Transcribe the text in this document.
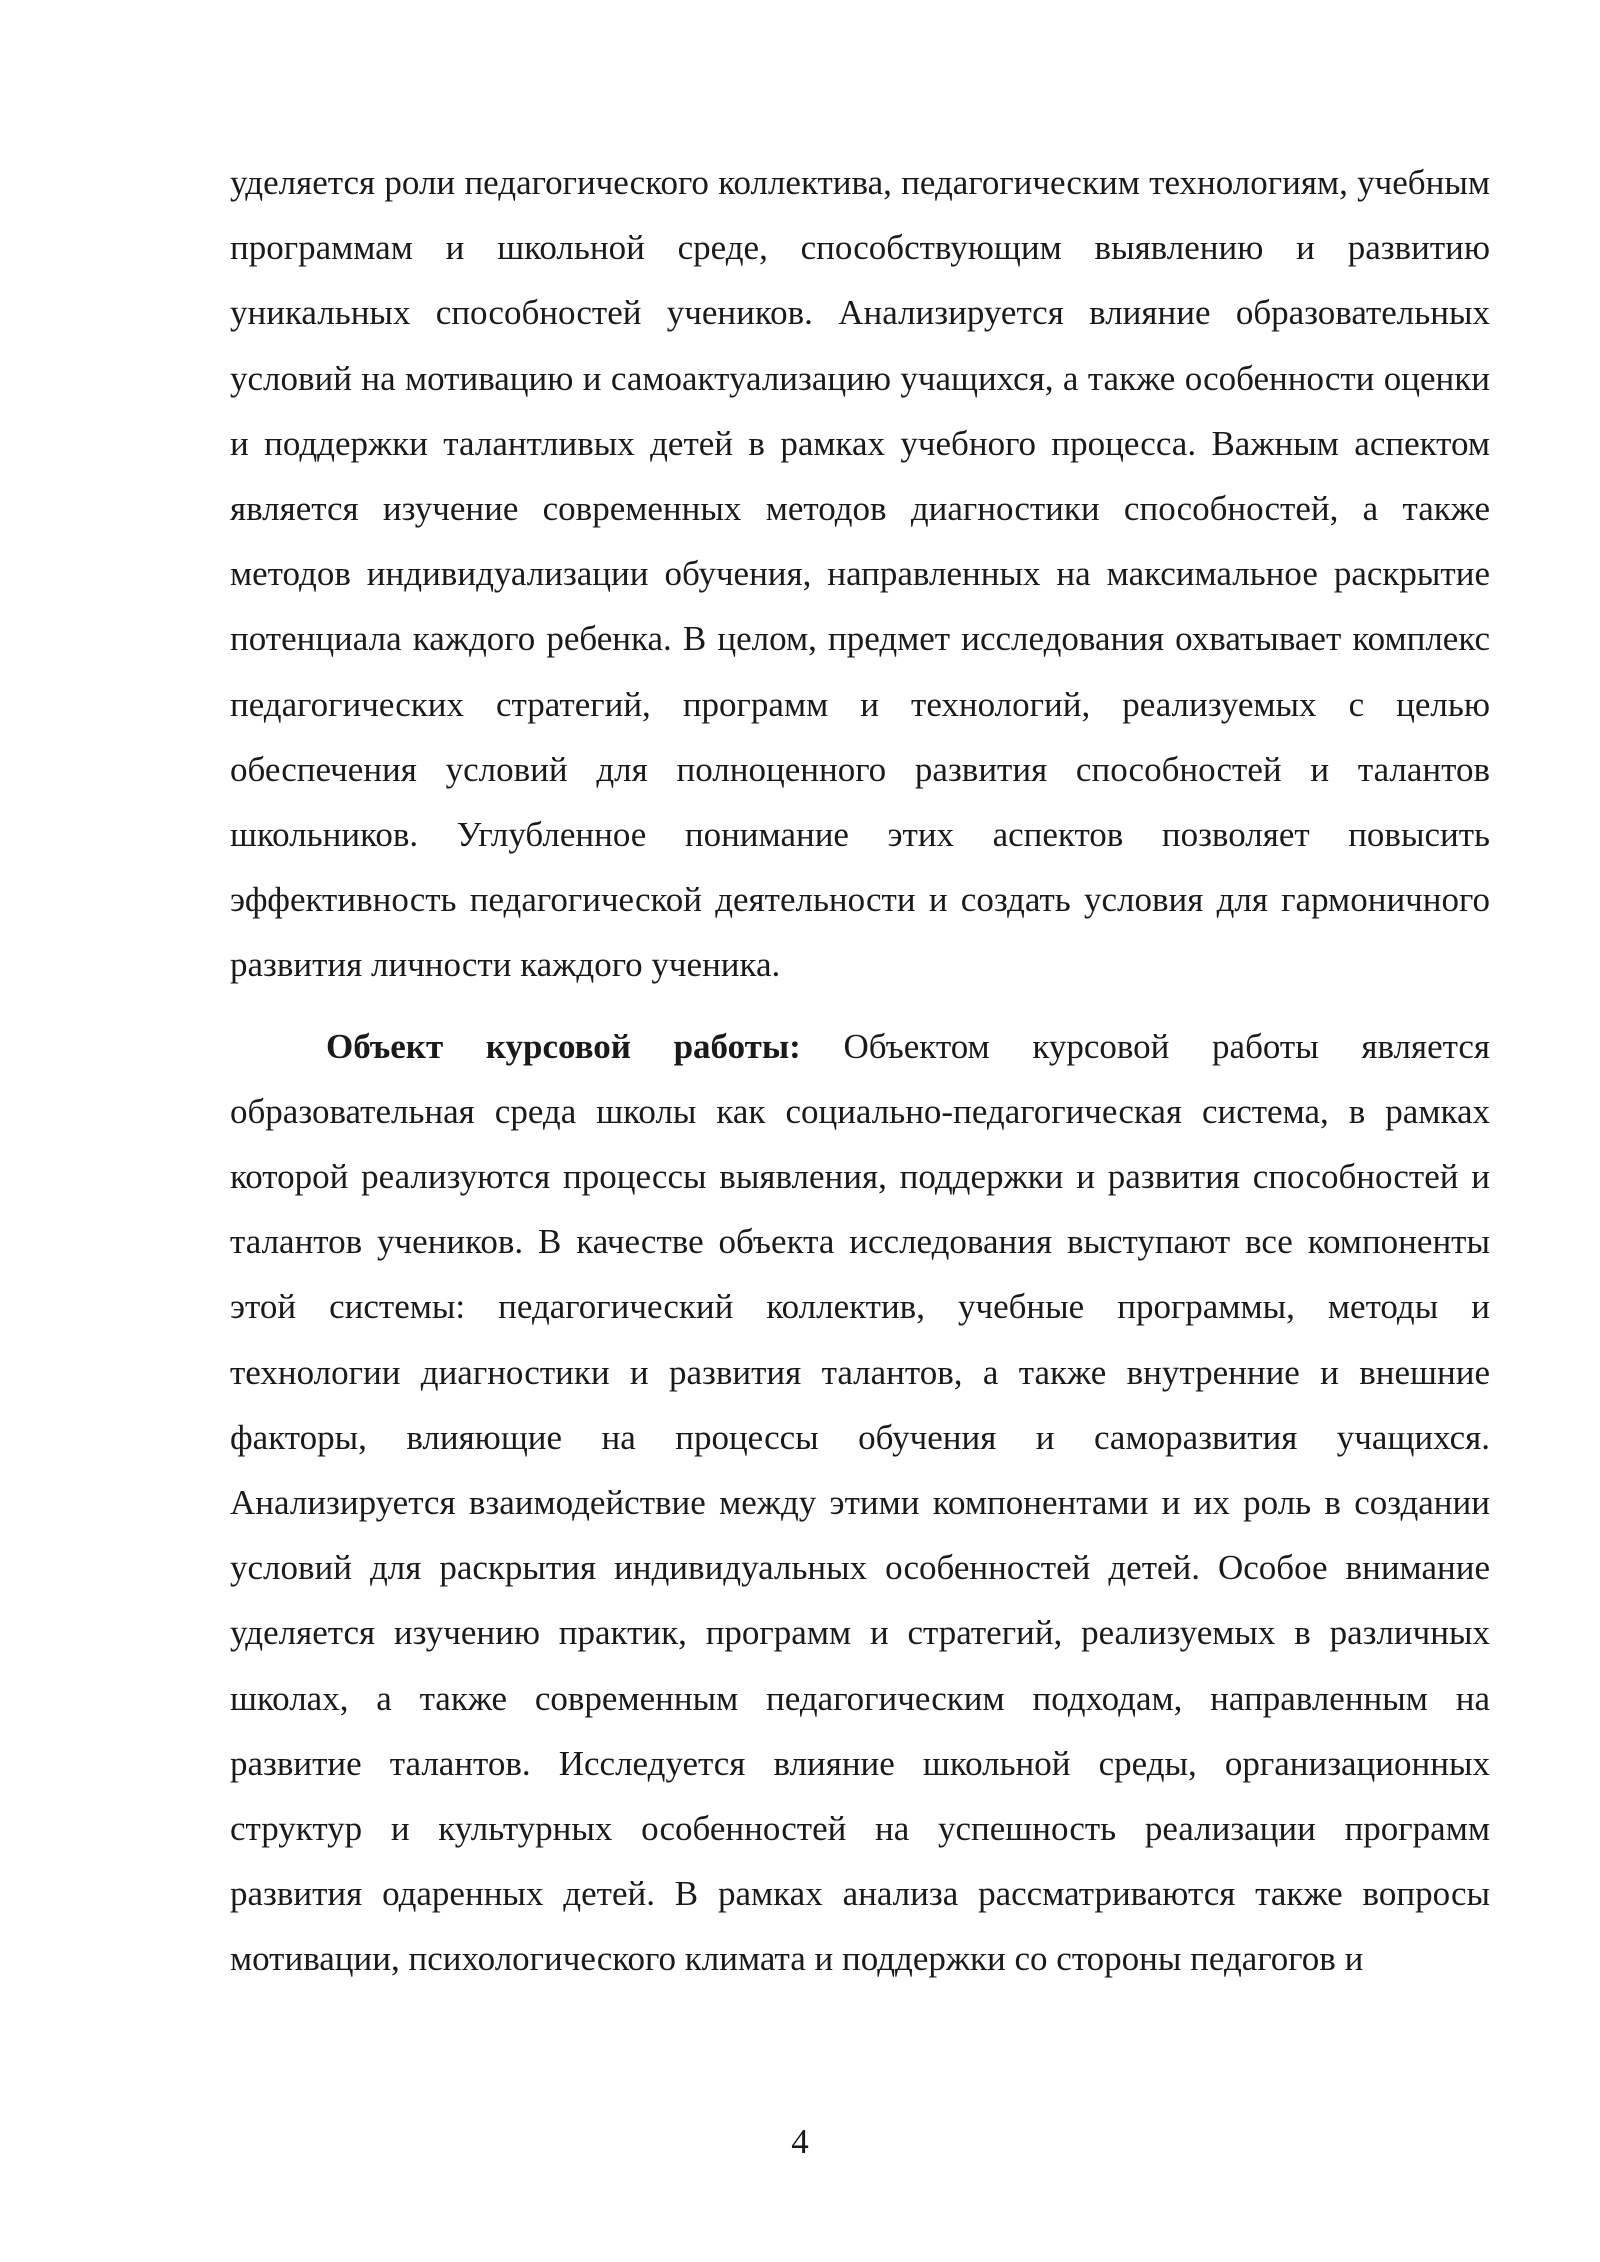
уделяется роли педагогического коллектива, педагогическим технологиям, учебным программам и школьной среде, способствующим выявлению и развитию уникальных способностей учеников. Анализируется влияние образовательных условий на мотивацию и самоактуализацию учащихся, а также особенности оценки и поддержки талантливых детей в рамках учебного процесса. Важным аспектом является изучение современных методов диагностики способностей, а также методов индивидуализации обучения, направленных на максимальное раскрытие потенциала каждого ребенка. В целом, предмет исследования охватывает комплекс педагогических стратегий, программ и технологий, реализуемых с целью обеспечения условий для полноценного развития способностей и талантов школьников. Углубленное понимание этих аспектов позволяет повысить эффективность педагогической деятельности и создать условия для гармоничного развития личности каждого ученика.

Объект курсовой работы: Объектом курсовой работы является образовательная среда школы как социально-педагогическая система, в рамках которой реализуются процессы выявления, поддержки и развития способностей и талантов учеников. В качестве объекта исследования выступают все компоненты этой системы: педагогический коллектив, учебные программы, методы и технологии диагностики и развития талантов, а также внутренние и внешние факторы, влияющие на процессы обучения и саморазвития учащихся. Анализируется взаимодействие между этими компонентами и их роль в создании условий для раскрытия индивидуальных особенностей детей. Особое внимание уделяется изучению практик, программ и стратегий, реализуемых в различных школах, а также современным педагогическим подходам, направленным на развитие талантов. Исследуется влияние школьной среды, организационных структур и культурных особенностей на успешность реализации программ развития одаренных детей. В рамках анализа рассматриваются также вопросы мотивации, психологического климата и поддержки со стороны педагогов и

4
